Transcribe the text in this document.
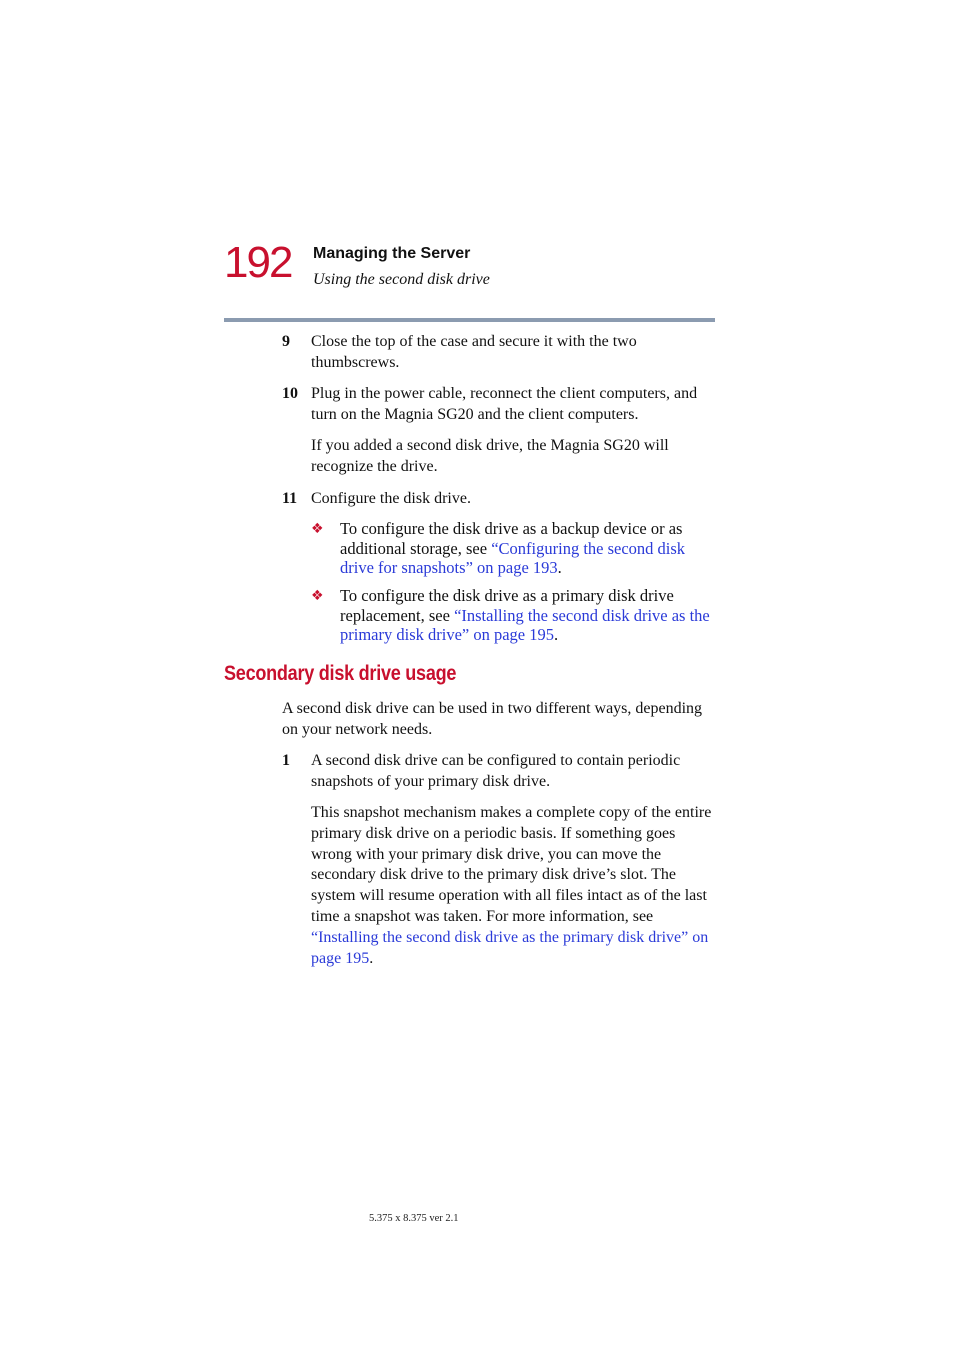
192 Managing the Server
Using the second disk drive
9 Close the top of the case and secure it with the two thumbscrews.
10 Plug in the power cable, reconnect the client computers, and turn on the Magnia SG20 and the client computers.
If you added a second disk drive, the Magnia SG20 will recognize the drive.
11 Configure the disk drive.
❖ To configure the disk drive as a backup device or as additional storage, see “Configuring the second disk drive for snapshots” on page 193.
❖ To configure the disk drive as a primary disk drive replacement, see “Installing the second disk drive as the primary disk drive” on page 195.
Secondary disk drive usage
A second disk drive can be used in two different ways, depending on your network needs.
1 A second disk drive can be configured to contain periodic snapshots of your primary disk drive.
This snapshot mechanism makes a complete copy of the entire primary disk drive on a periodic basis. If something goes wrong with your primary disk drive, you can move the secondary disk drive to the primary disk drive’s slot. The system will resume operation with all files intact as of the last time a snapshot was taken. For more information, see “Installing the second disk drive as the primary disk drive” on page 195.
5.375 x 8.375 ver 2.1
